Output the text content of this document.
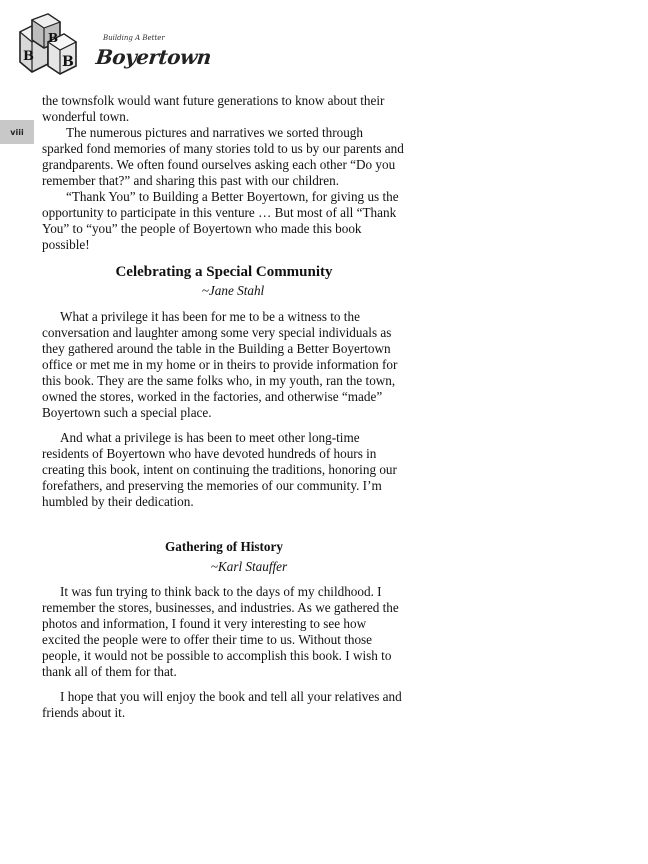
B
B
B
Building A Better
Boyertown
viii

the townsfolk would want future generations to know about their wonderful town.

The numerous pictures and narratives we sorted through sparked fond memories of many stories told to us by our parents and grandparents. We often found ourselves asking each other “Do you remember that?” and sharing this past with our children.

“Thank You” to Building a Better Boyertown, for giving us the opportunity to participate in this venture … But most of all “Thank You” to “you” the people of Boyertown who made this book possible!

Celebrating a Special Community

~Jane Stahl

What a privilege it has been for me to be a witness to the conversation and laughter among some very special individuals as they gathered around the table in the Building a Better Boyertown office or met me in my home or in theirs to provide information for this book. They are the same folks who, in my youth, ran the town, owned the stores, worked in the factories, and otherwise “made” Boyertown such a special place.

And what a privilege is has been to meet other long-time residents of Boyertown who have devoted hundreds of hours in creating this book, intent on continuing the traditions, honoring our forefathers, and preserving the memories of our community. I’m humbled by their dedication.

Gathering of History

~Karl Stauffer

It was fun trying to think back to the days of my childhood. I remember the stores, businesses, and industries. As we gathered the photos and information, I found it very interesting to see how excited the people were to offer their time to us. Without those people, it would not be possible to accomplish this book. I wish to thank all of them for that.

I hope that you will enjoy the book and tell all your relatives and friends about it.
